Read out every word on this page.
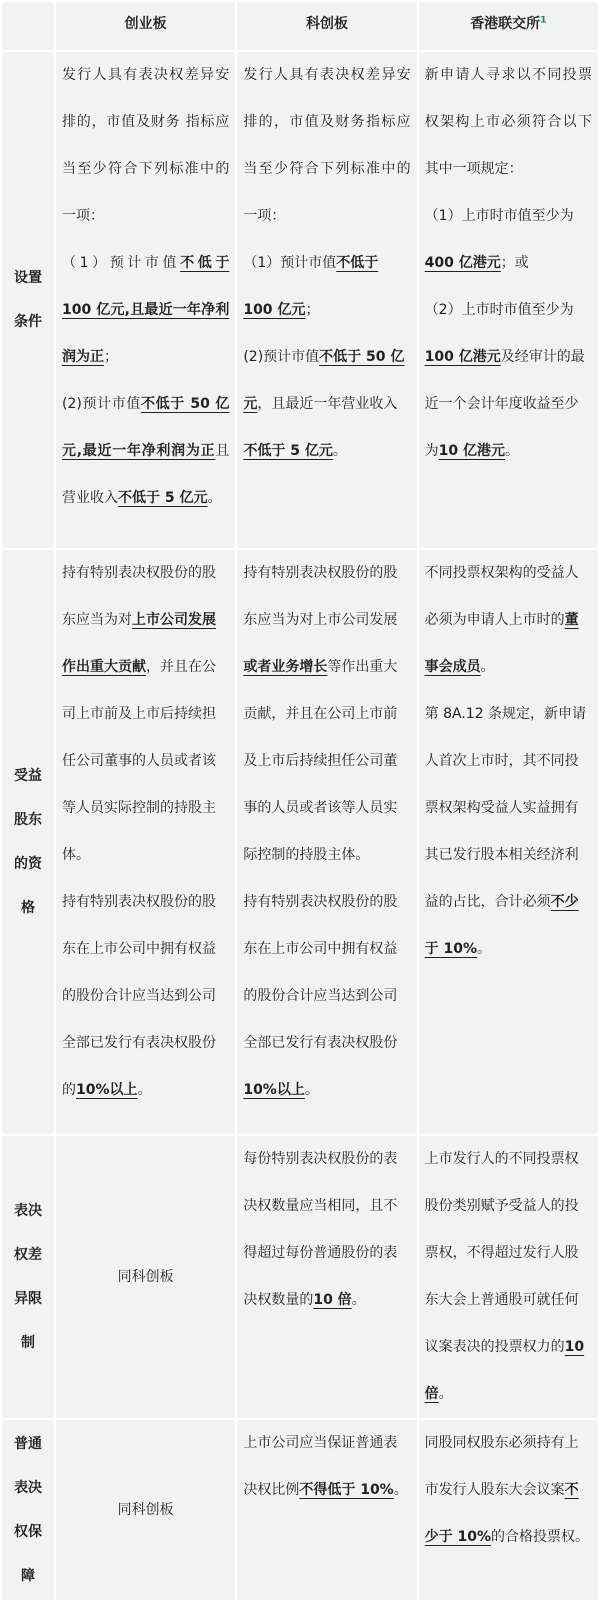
	创业板	科创板	香港联交所$^1$

设置
条件	发行人具有表决权差异安排的，市值及财务 指标应当至少符合下列标准中的一项：
（1）预计市值不低于 100 亿元,且最近一年净利润为正；
(2)预计市值不低于 50 亿元,最近一年净利润为正且营业收入不低于 5 亿元。	发行人具有表决权差异安排的，市值及财务指标应当至少符合下列标准中的一项：
（1）预计市值不低于 100 亿元；
(2)预计市值不低于 50 亿元，且最近一年营业收入不低于 5 亿元。	新申请人寻求以不同投票权架构上市必须符合以下其中一项规定：
（1）上市时市值至少为400 亿港元；或
（2）上市时市值至少为100 亿港元及经审计的最近一个会计年度收益至少为10 亿港元。

受益
股东
的资
格	持有特别表决权股份的股东应当为对上市公司发展作出重大贡献，并且在公司上市前及上市后持续担任公司董事的人员或者该等人员实际控制的持股主体。
持有特别表决权股份的股东在上市公司中拥有权益的股份合计应当达到公司全部已发行有表决权股份的10%以上。	持有特别表决权股份的股东应当为对上市公司发展或者业务增长等作出重大贡献，并且在公司上市前及上市后持续担任公司董事的人员或者该等人员实际控制的持股主体。
持有特别表决权股份的股东在上市公司中拥有权益的股份合计应当达到公司全部已发行有表决权股份10%以上。	不同投票权架构的受益人必须为申请人上市时的董事会成员。
第 8A.12 条规定，新申请人首次上市时，其不同投票权架构受益人实益拥有其已发行股本相关经济利益的占比，合计必须不少于 10%。

表决
权差
异限
制	同科创板	每份特别表决权股份的表决权数量应当相同，且不得超过每份普通股份的表决权数量的10 倍。	上市发行人的不同投票权股份类别赋予受益人的投票权，不得超过发行人股东大会上普通股可就任何议案表决的投票权力的10 倍。

普通
表决
权保
障	同科创板	上市公司应当保证普通表决权比例不得低于 10%。	同股同权股东必须持有上市发行人股东大会议案不少于 10%的合格投票权。
